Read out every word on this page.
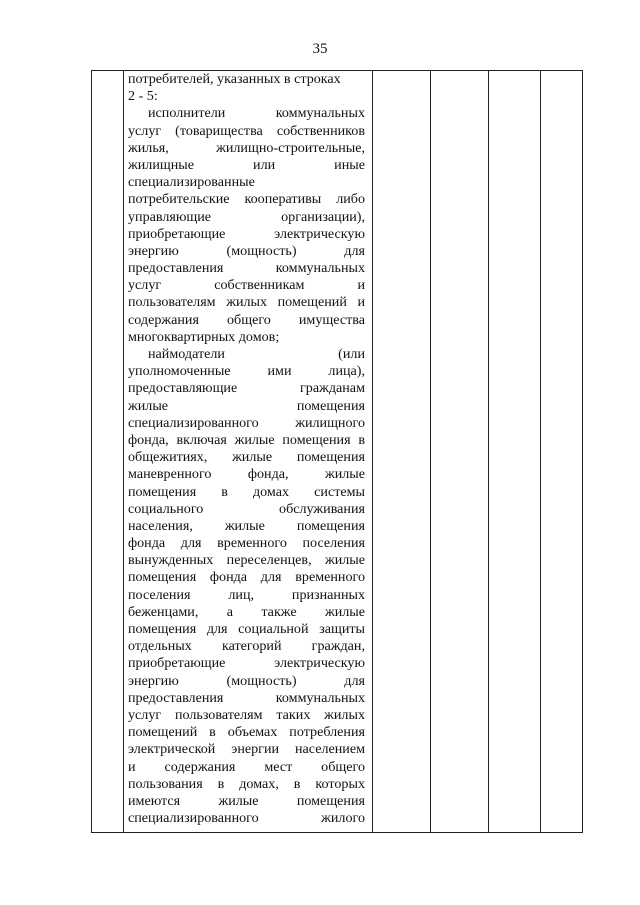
35
потребителей, указанных в строках
2 - 5:
исполнители коммунальных
услуг (товарищества собственников
жилья, жилищно-строительные,
жилищные или иные
специализированные
потребительские кооперативы либо
управляющие организации),
приобретающие электрическую
энергию (мощность) для
предоставления коммунальных
услуг собственникам и
пользователям жилых помещений и
содержания общего имущества
многоквартирных домов;
наймодатели (или
уполномоченные ими лица),
предоставляющие гражданам
жилые помещения
специализированного жилищного
фонда, включая жилые помещения в
общежитиях, жилые помещения
маневренного фонда, жилые
помещения в домах системы
социального обслуживания
населения, жилые помещения
фонда для временного поселения
вынужденных переселенцев, жилые
помещения фонда для временного
поселения лиц, признанных
беженцами, а также жилые
помещения для социальной защиты
отдельных категорий граждан,
приобретающие электрическую
энергию (мощность) для
предоставления коммунальных
услуг пользователям таких жилых
помещений в объемах потребления
электрической энергии населением
и содержания мест общего
пользования в домах, в которых
имеются жилые помещения
специализированного жилого
